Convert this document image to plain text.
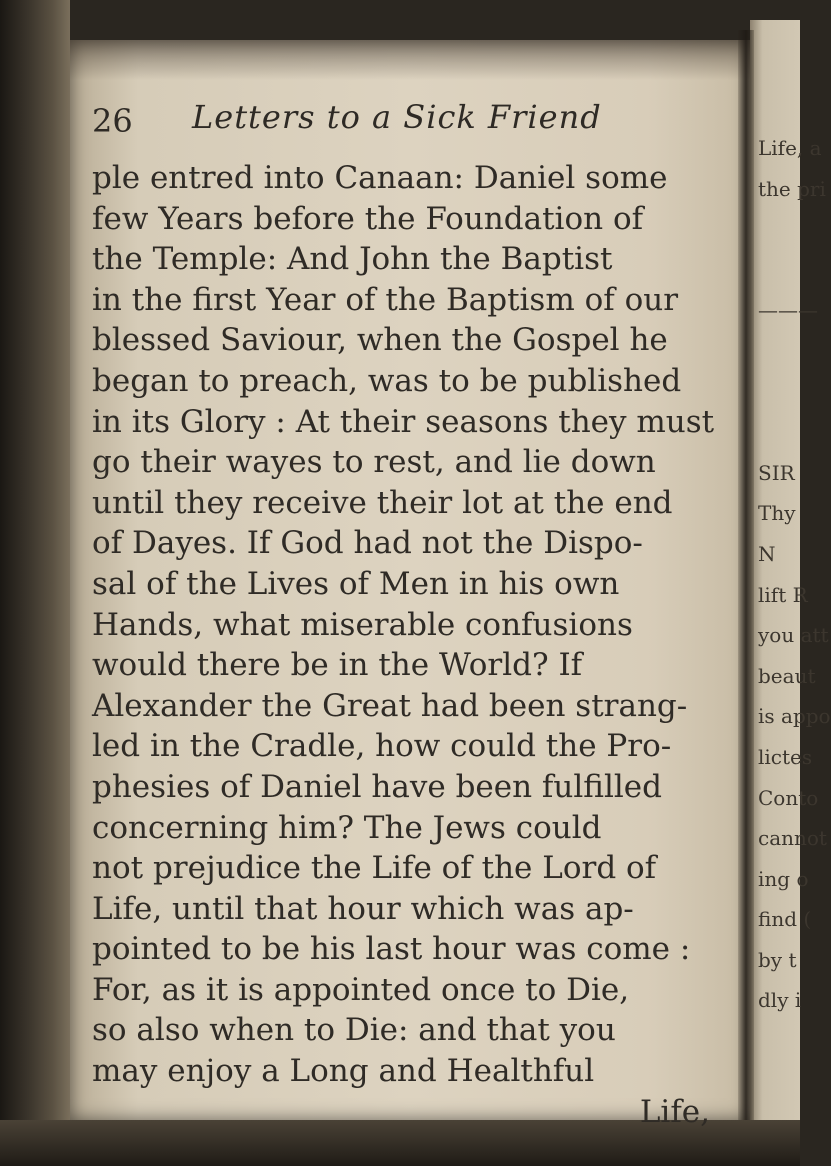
26 Letters to a Sick Friend
ple entred into Canaan: Daniel some
few Years before the Foundation of
the Temple: And John the Baptist
in the first Year of the Baptism of our
blessed Saviour, when the Gospel he
began to preach, was to be published
in its Glory : At their seasons they must
go their wayes to rest, and lie down
until they receive their lot at the end
of Dayes. If God had not the Dispo-
sal of the Lives of Men in his own
Hands, what miserable confusions
would there be in the World? If
Alexander the Great had been strang-
led in the Cradle, how could the Pro-
phesies of Daniel have been fulfilled
concerning him? The Jews could
not prejudice the Life of the Lord of
Life, until that hour which was ap-
pointed to be his last hour was come :
For, as it is appointed once to Die,
so also when to Die: and that you
may enjoy a Long and Healthful
Life,
Life, a
the pri
———
SIR
Thy
N
lift R
you att
beaut
is appo
lictes
Conto
cannot
ing o
find (
by t
dly i
